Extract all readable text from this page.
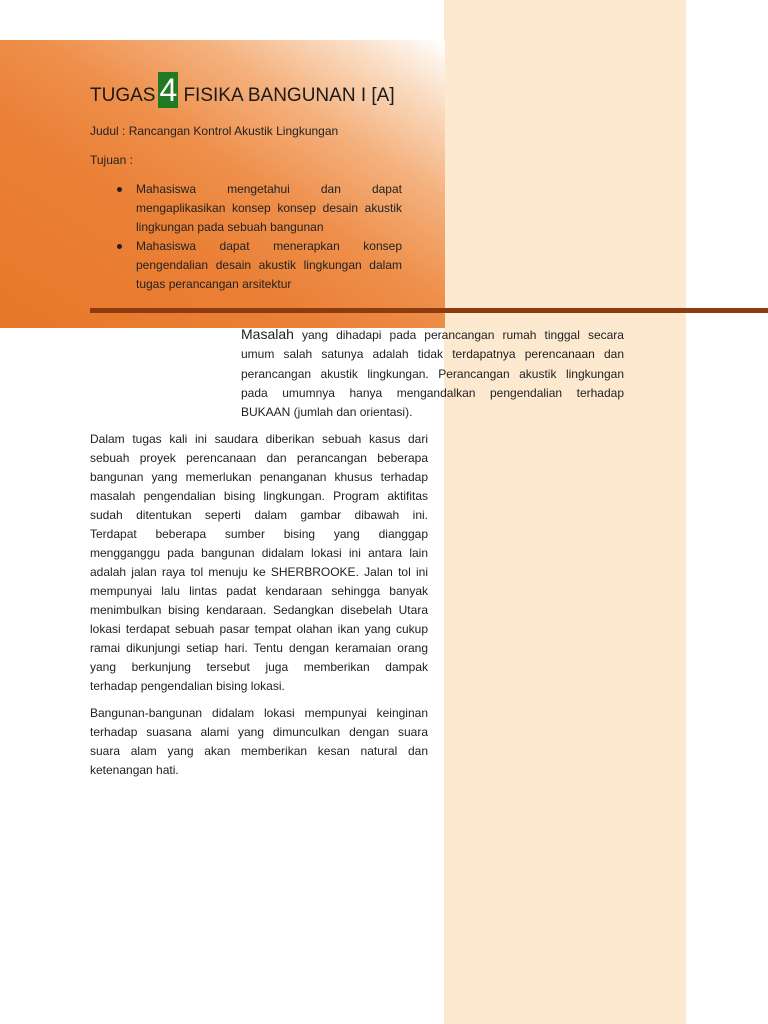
TUGAS 4 FISIKA BANGUNAN I [A]
Judul : Rancangan Kontrol Akustik Lingkungan
Tujuan :
Mahasiswa mengetahui dan dapat
mengaplikasikan konsep konsep desain akustik
lingkungan pada sebuah bangunan
Mahasiswa dapat menerapkan konsep
pengendalian desain akustik lingkungan dalam
tugas perancangan arsitektur
Masalah yang dihadapi pada perancangan rumah tinggal secara
umum salah satunya adalah tidak terdapatnya perencanaan dan
perancangan akustik lingkungan. Perancangan akustik lingkungan
pada umumnya hanya mengandalkan pengendalian terhadap
BUKAAN (jumlah dan orientasi).
Dalam tugas kali ini saudara diberikan sebuah kasus dari
sebuah proyek perencanaan dan perancangan beberapa
bangunan yang memerlukan penanganan khusus terhadap
masalah pengendalian bising lingkungan. Program aktifitas
sudah ditentukan seperti dalam gambar dibawah ini.
Terdapat beberapa sumber bising yang dianggap
mengganggu pada bangunan didalam lokasi ini antara lain
adalah jalan raya tol menuju ke SHERBROOKE. Jalan tol ini
mempunyai lalu lintas padat kendaraan sehingga banyak
menimbulkan bising kendaraan. Sedangkan disebelah Utara
lokasi terdapat sebuah pasar tempat olahan ikan yang cukup
ramai dikunjungi setiap hari. Tentu dengan keramaian orang
yang berkunjung tersebut juga memberikan dampak
terhadap pengendalian bising lokasi.
Bangunan-bangunan didalam lokasi mempunyai keinginan
terhadap suasana alami yang dimunculkan dengan suara
suara alam yang akan memberikan kesan natural dan
ketenangan hati.
